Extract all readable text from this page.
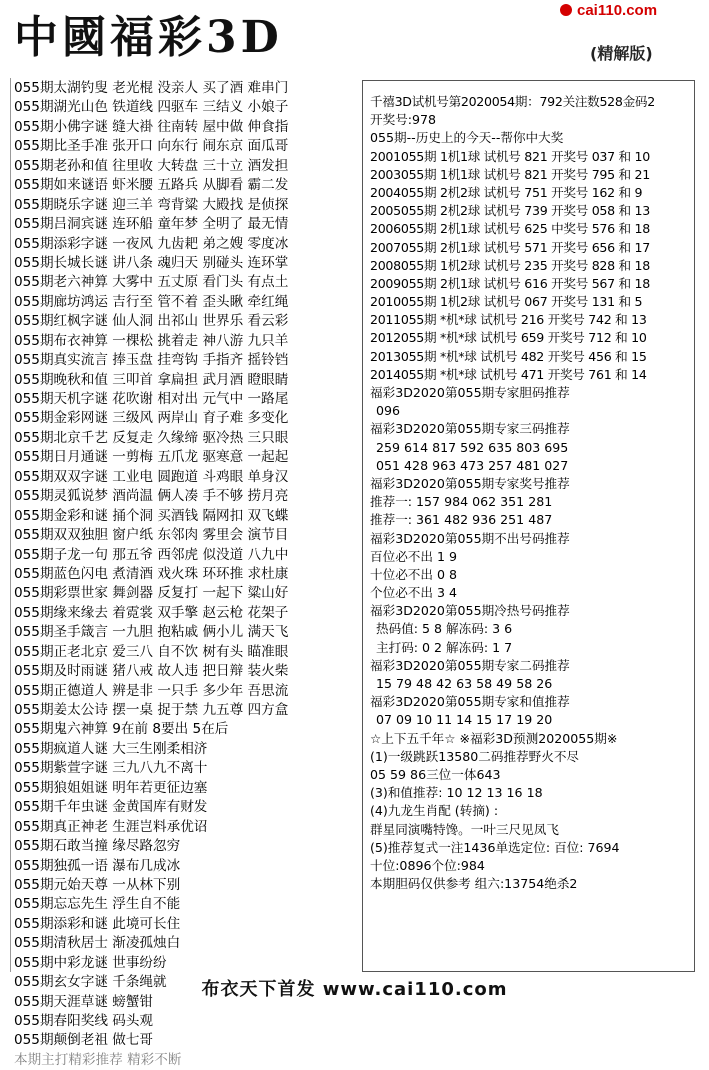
中國福彩3D	(精解版)
cai110.com
055期太湖钓叟 老光棍 没亲人 买了酒 难串门
055期湖光山色 铁道线 四驱车 三结义 小娘子
055期小佛字谜 缝大褂 往南转 屋中做 伸食指
055期比圣手准 张开口 向东行 闹东京 面瓜哥
055期老孙和值 往里收 大转盘 三十立 酒发担
055期如来谜语 虾米腰 五路兵 从脚看 霸二发
055期晓乐字谜 迎三羊 弯背粱 大殿找 是侦探
055期吕洞宾谜 连环船 童年梦 全明了 最无情
055期添彩字谜 一夜风 九齿耙 弟之嫂 零度冰
055期长城长谜 讲八条 魂归天 别碰头 连环掌
055期老六神算 大雾中 五丈原 看门头 有点土
055期廊坊鸿运 吉行至 管不着 歪头瞅 牵红绳
055期红枫字谜 仙人洞 出祁山 世界乐 看云彩
055期布衣神算 一棵松 挑着走 神八游 九只羊
055期真实流言 捧玉盘 挂弯钩 手指齐 摇铃铛
055期晚秋和值 三叩首 拿扁担 武月酒 瞪眼睛
055期天机字谜 花吹谢 相对出 元气中 一路尾
055期金彩网谜 三级风 两岸山 育子难 多变化
055期北京千艺 反复走 久缘缔 驱冷热 三只眼
055期日月通谜 一剪梅 五爪龙 驱寒意 一起起
055期双双字谜 工业电 圆跑道 斗鸡眼 单身汉
055期灵狐说梦 酒尚温 俩人凑 手不够 捞月亮
055期金彩和谜 捅个洞 买酒钱 隔网扣 双飞蝶
055期双双独胆 窗户纸 东邻肉 雾里会 演节目
055期子龙一句 那五爷 西邻虎 似没道 八九中
055期蓝色闪电 煮清酒 戏火珠 环环推 求杜康
055期彩票世家 舞剑器 反复打 一起下 粱山好
055期缘来缘去 着霓裳 双手擎 赵云枪 花架子
055期圣手箴言 一九胆 抱粘戚 俩小儿 满天飞
055期正老北京 爱三八 自不饮 树有头 瞄准眼
055期及时雨谜 猪八戒 故人违 把日辩 装火柴
055期正德道人 辨是非 一只手 多少年 吾思流
055期姜太公诗 摆一桌 捉于禁 九五尊 四方盒
055期鬼六神算 9在前 8要出 5在后
055期疯道人谜 大三生刚柔相济
055期紫萱字谜 三九八九不离十
055期狼姐姐谜 明年若更征边塞
055期千年虫谜 金黄国库有财发
055期真正神老 生涯岂料承优诏
055期石敢当撞 缘尽路忽穷
055期独孤一语 瀑布几成冰
055期元始天尊 一从林下别
055期忘忘先生 浮生自不能
055期添彩和谜 此境可长住
055期清秋居士 渐凌孤烛白
055期中彩龙谜 世事纷纷
055期玄女字谜 千条绳就
055期天涯草谜 螃蟹钳
055期春阳奖线 码头观
055期颠倒老祖 做七哥
本期主打精彩推荐 精彩不断
千禧3D试机号第2020054期：792关注数528金码2
开奖号:978
055期--历史上的今天--帮你中大奖
2001055期 1机1球 试机号 821 开奖号 037 和 10
2003055期 1机1球 试机号 821 开奖号 795 和 21
2004055期 2机2球 试机号 751 开奖号 162 和 9
2005055期 2机2球 试机号 739 开奖号 058 和 13
2006055期 2机1球 试机号 625 中奖号 576 和 18
2007055期 2机1球 试机号 571 开奖号 656 和 17
2008055期 1机2球 试机号 235 开奖号 828 和 18
2009055期 2机1球 试机号 616 开奖号 567 和 18
2010055期 1机2球 试机号 067 开奖号 131 和 5
2011055期 *机*球 试机号 216 开奖号 742 和 13
2012055期 *机*球 试机号 659 开奖号 712 和 10
2013055期 *机*球 试机号 482 开奖号 456 和 15
2014055期 *机*球 试机号 471 开奖号 761 和 14
福彩3D2020第055期专家胆码推荐
096
福彩3D2020第055期专家三码推荐
259 614 817 592 635 803 695
051 428 963 473 257 481 027
福彩3D2020第055期专家奖号推荐
推荐一: 157 984 062 351 281
推荐一: 361 482 936 251 487
福彩3D2020第055期不出号码推荐
百位必不出 1 9
十位必不出 0 8
个位必不出 3 4
福彩3D2020第055期冷热号码推荐
热码值: 5 8 解冻码: 3 6
主打码: 0 2 解冻码: 1 7
福彩3D2020第055期专家二码推荐
15 79 48 42 63 58 49 58 26
福彩3D2020第055期专家和值推荐
07 09 10 11 14 15 17 19 20
☆上下五千年☆ ※福彩3D预测2020055期※
(1)一级跳跃13580二码推荐野火不尽
05 59 86三位一体643
(3)和值推荐: 10 12 13 16 18
(4)九龙生肖配 (转摘) :
群星同演嘴特馋。一叶三尺见凤飞
(5)推荐复式一注1436单选定位: 百位: 7694
十位:0896个位:984
本期胆码仅供参考 组六:13754绝杀2
布衣天下首发 www.cai110.com
